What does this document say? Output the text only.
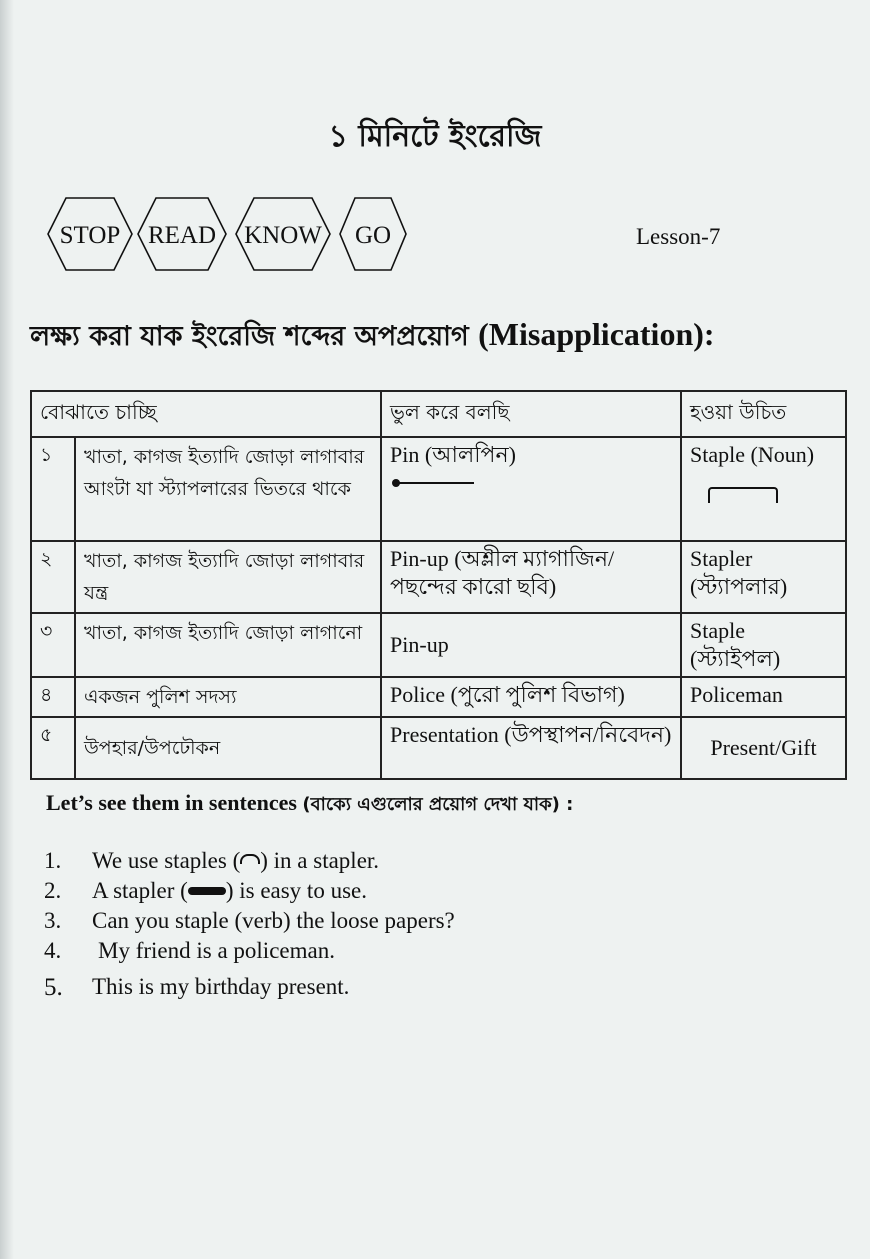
১ মিনিটে ইংরেজি
STOP	READ	KNOW	GO	Lesson-7
লক্ষ্য করা যাক ইংরেজি শব্দের অপপ্রয়োগ (Misapplication):
বোঝাতে চাচ্ছি		ভুল করে বলছি	হওয়া উচিত
১	খাতা, কাগজ ইত্যাদি জোড়া লাগাবার আংটা যা স্ট্যাপলারের ভিতরে থাকে	Pin (আলপিন)	Staple (Noun)

২	খাতা, কাগজ ইত্যাদি জোড়া লাগাবার যন্ত্র	Pin-up (অশ্লীল ম্যাগাজিন/ পছন্দের কারো ছবি)	Stapler (স্ট্যাপলার)
৩	খাতা, কাগজ ইত্যাদি জোড়া লাগানো	Pin-up	Staple (স্ট্যাইপল)
৪	একজন পুলিশ সদস্য	Police (পুরো পুলিশ বিভাগ)	Policeman
৫	উপহার/উপঢৌকন	Presentation (উপস্থাপন/নিবেদন)	Present/Gift
Let’s see them in sentences (বাক্যে এগুলোর প্রয়োগ দেখা যাক) :
1.	We use staples ( ) in a stapler.
2.	A stapler ( ) is easy to use.
3.	Can you staple (verb) the loose papers?
4.	My friend is a policeman.
5.	This is my birthday present.
